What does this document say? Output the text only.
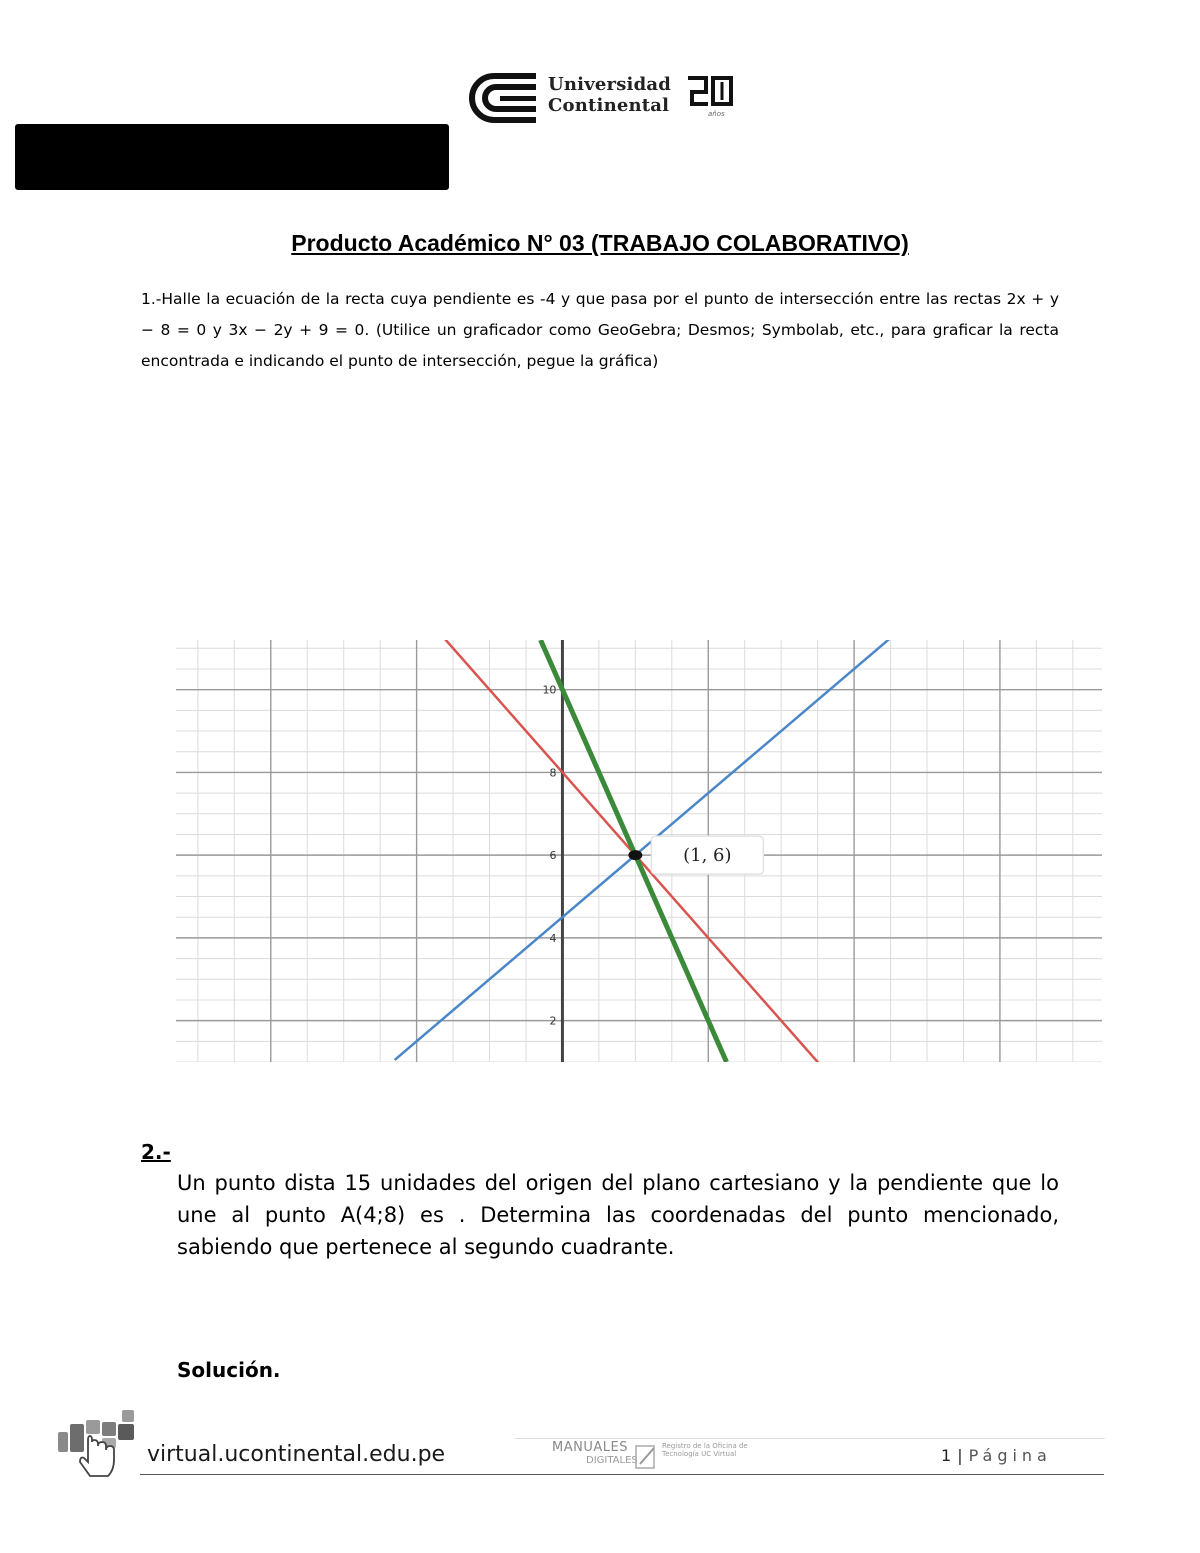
Universidad
Continental	años
Producto Académico N° 03 (TRABAJO COLABORATIVO)
1.-Halle la ecuación de la recta cuya pendiente es -4 y que pasa por el punto de intersección entre las rectas 2x + y − 8 = 0 y 3x − 2y + 9 = 0. (Utilice un graficador como GeoGebra; Desmos; Symbolab, etc., para graficar la recta encontrada e indicando el punto de intersección, pegue la gráfica)
10
8
6
4
2
(1, 6)
2.-
Un punto dista 15 unidades del origen del plano cartesiano y la pendiente que lo une al punto A(4;8) es . Determina las coordenadas del punto mencionado, sabiendo que pertenece al segundo cuadrante.
Solución.
virtual.ucontinental.edu.pe	MANUALES
DIGITALES
Registro de la Oficina de Tecnología UC Virtual	1 | Página
